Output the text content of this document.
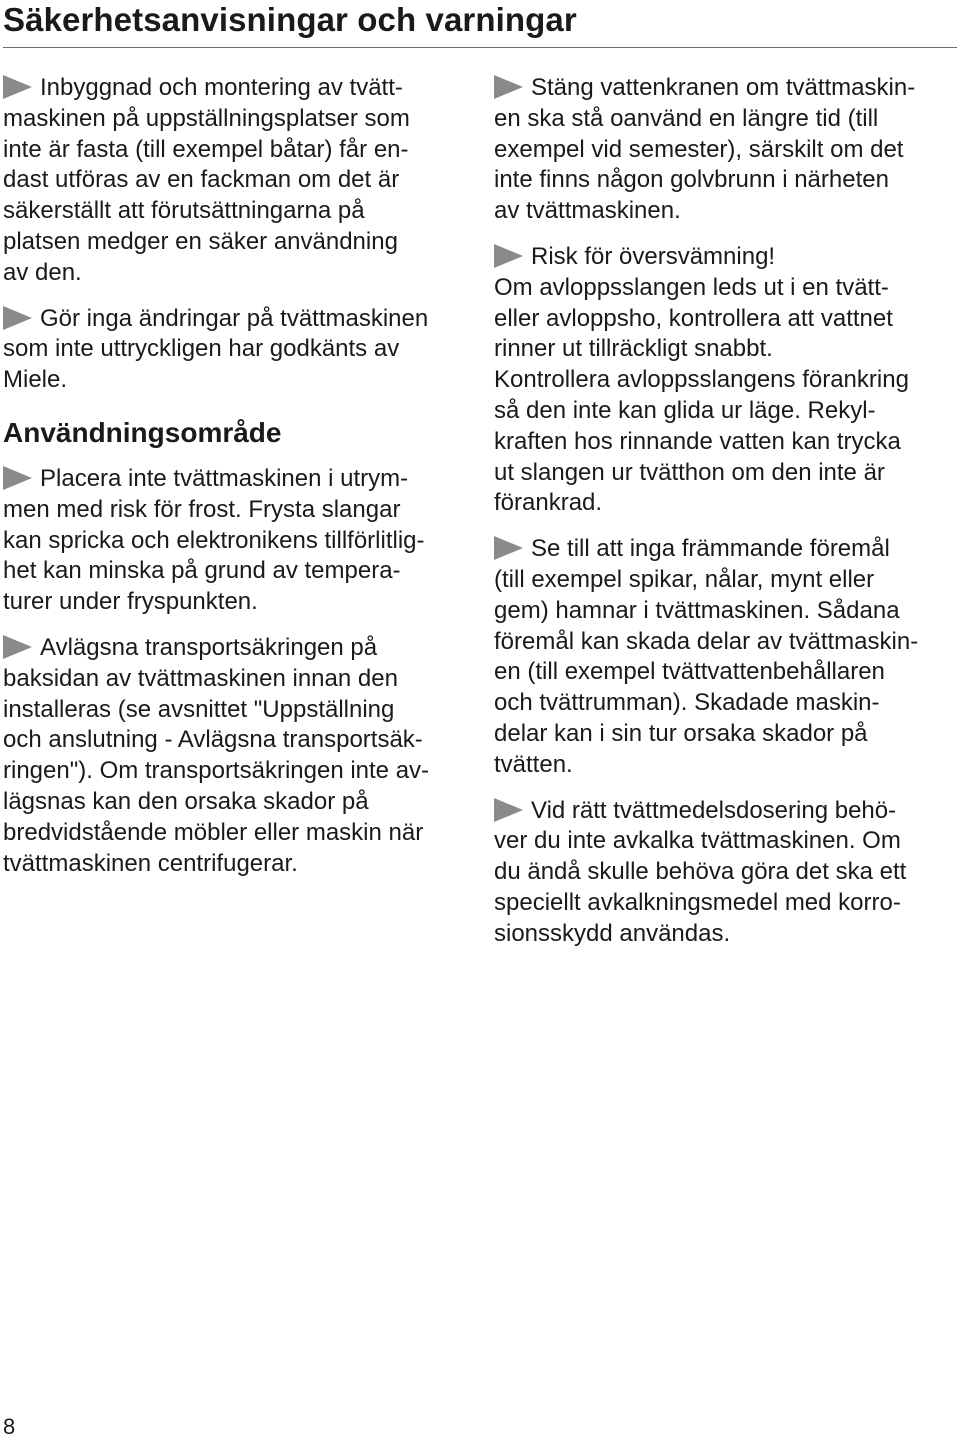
Säkerhetsanvisningar och varningar
Inbyggnad och montering av tvätt-
maskinen på uppställningsplatser som
inte är fasta (till exempel båtar) får en-
dast utföras av en fackman om det är
säkerställt att förutsättningarna på
platsen medger en säker användning
av den.
Gör inga ändringar på tvättmaskinen
som inte uttryckligen har godkänts av
Miele.
Användningsområde
Placera inte tvättmaskinen i utrym-
men med risk för frost. Frysta slangar
kan spricka och elektronikens tillförlitlig-
het kan minska på grund av tempera-
turer under fryspunkten.
Avlägsna transportsäkringen på
baksidan av tvättmaskinen innan den
installeras (se avsnittet "Uppställning
och anslutning - Avlägsna transportsäk-
ringen"). Om transportsäkringen inte av-
lägsnas kan den orsaka skador på
bredvidstående möbler eller maskin när
tvättmaskinen centrifugerar.
Stäng vattenkranen om tvättmaskin-
en ska stå oanvänd en längre tid (till
exempel vid semester), särskilt om det
inte finns någon golvbrunn i närheten
av tvättmaskinen.
Risk för översvämning!
Om avloppsslangen leds ut i en tvätt-
eller avloppsho, kontrollera att vattnet
rinner ut tillräckligt snabbt.
Kontrollera avloppsslangens förankring
så den inte kan glida ur läge. Rekyl-
kraften hos rinnande vatten kan trycka
ut slangen ur tvätthon om den inte är
förankrad.
Se till att inga främmande föremål
(till exempel spikar, nålar, mynt eller
gem) hamnar i tvättmaskinen. Sådana
föremål kan skada delar av tvättmaskin-
en (till exempel tvättvattenbehållaren
och tvättrumman). Skadade maskin-
delar kan i sin tur orsaka skador på
tvätten.
Vid rätt tvättmedelsdosering behö-
ver du inte avkalka tvättmaskinen. Om
du ändå skulle behöva göra det ska ett
speciellt avkalkningsmedel med korro-
sionsskydd användas.
8
